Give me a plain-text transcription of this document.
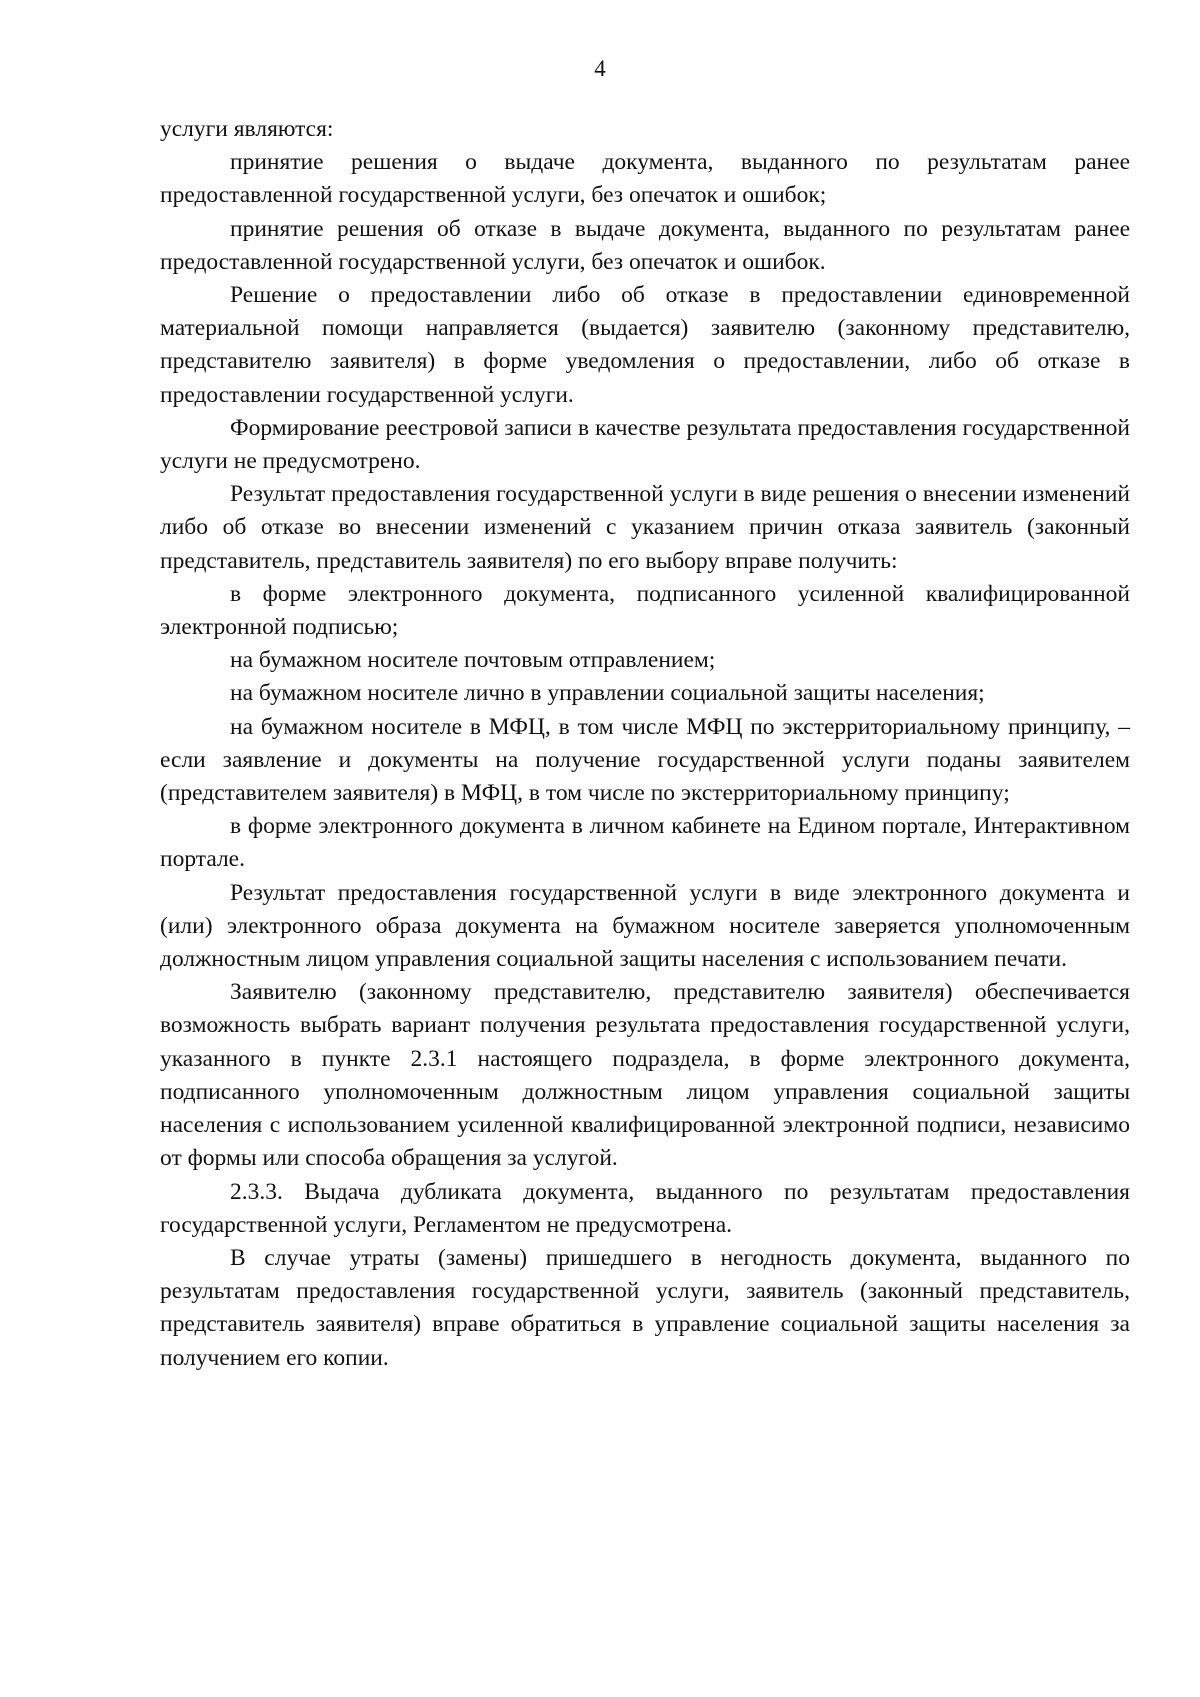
4

услуги являются:

принятие решения о выдаче документа, выданного по результатам ранее предоставленной государственной услуги, без опечаток и ошибок;

принятие решения об отказе в выдаче документа, выданного по результатам ранее предоставленной государственной услуги, без опечаток и ошибок.

Решение о предоставлении либо об отказе в предоставлении единовременной материальной помощи направляется (выдается) заявителю (законному представителю, представителю заявителя) в форме уведомления о предоставлении, либо об отказе в предоставлении государственной услуги.

Формирование реестровой записи в качестве результата предоставления государственной услуги не предусмотрено.

Результат предоставления государственной услуги в виде решения о внесении изменений либо об отказе во внесении изменений с указанием причин отказа заявитель (законный представитель, представитель заявителя) по его выбору вправе получить:

в форме электронного документа, подписанного усиленной квалифицированной электронной подписью;

на бумажном носителе почтовым отправлением;

на бумажном носителе лично в управлении социальной защиты населения;

на бумажном носителе в МФЦ, в том числе МФЦ по экстерриториальному принципу, – если заявление и документы на получение государственной услуги поданы заявителем (представителем заявителя) в МФЦ, в том числе по экстерриториальному принципу;

в форме электронного документа в личном кабинете на Едином портале, Интерактивном портале.

Результат предоставления государственной услуги в виде электронного документа и (или) электронного образа документа на бумажном носителе заверяется уполномоченным должностным лицом управления социальной защиты населения с использованием печати.

Заявителю (законному представителю, представителю заявителя) обеспечивается возможность выбрать вариант получения результата предоставления государственной услуги, указанного в пункте 2.3.1 настоящего подраздела, в форме электронного документа, подписанного уполномоченным должностным лицом управления социальной защиты населения с использованием усиленной квалифицированной электронной подписи, независимо от формы или способа обращения за услугой.

2.3.3. Выдача дубликата документа, выданного по результатам предоставления государственной услуги, Регламентом не предусмотрена.

В случае утраты (замены) пришедшего в негодность документа, выданного по результатам предоставления государственной услуги, заявитель (законный представитель, представитель заявителя) вправе обратиться в управление социальной защиты населения за получением его копии.
